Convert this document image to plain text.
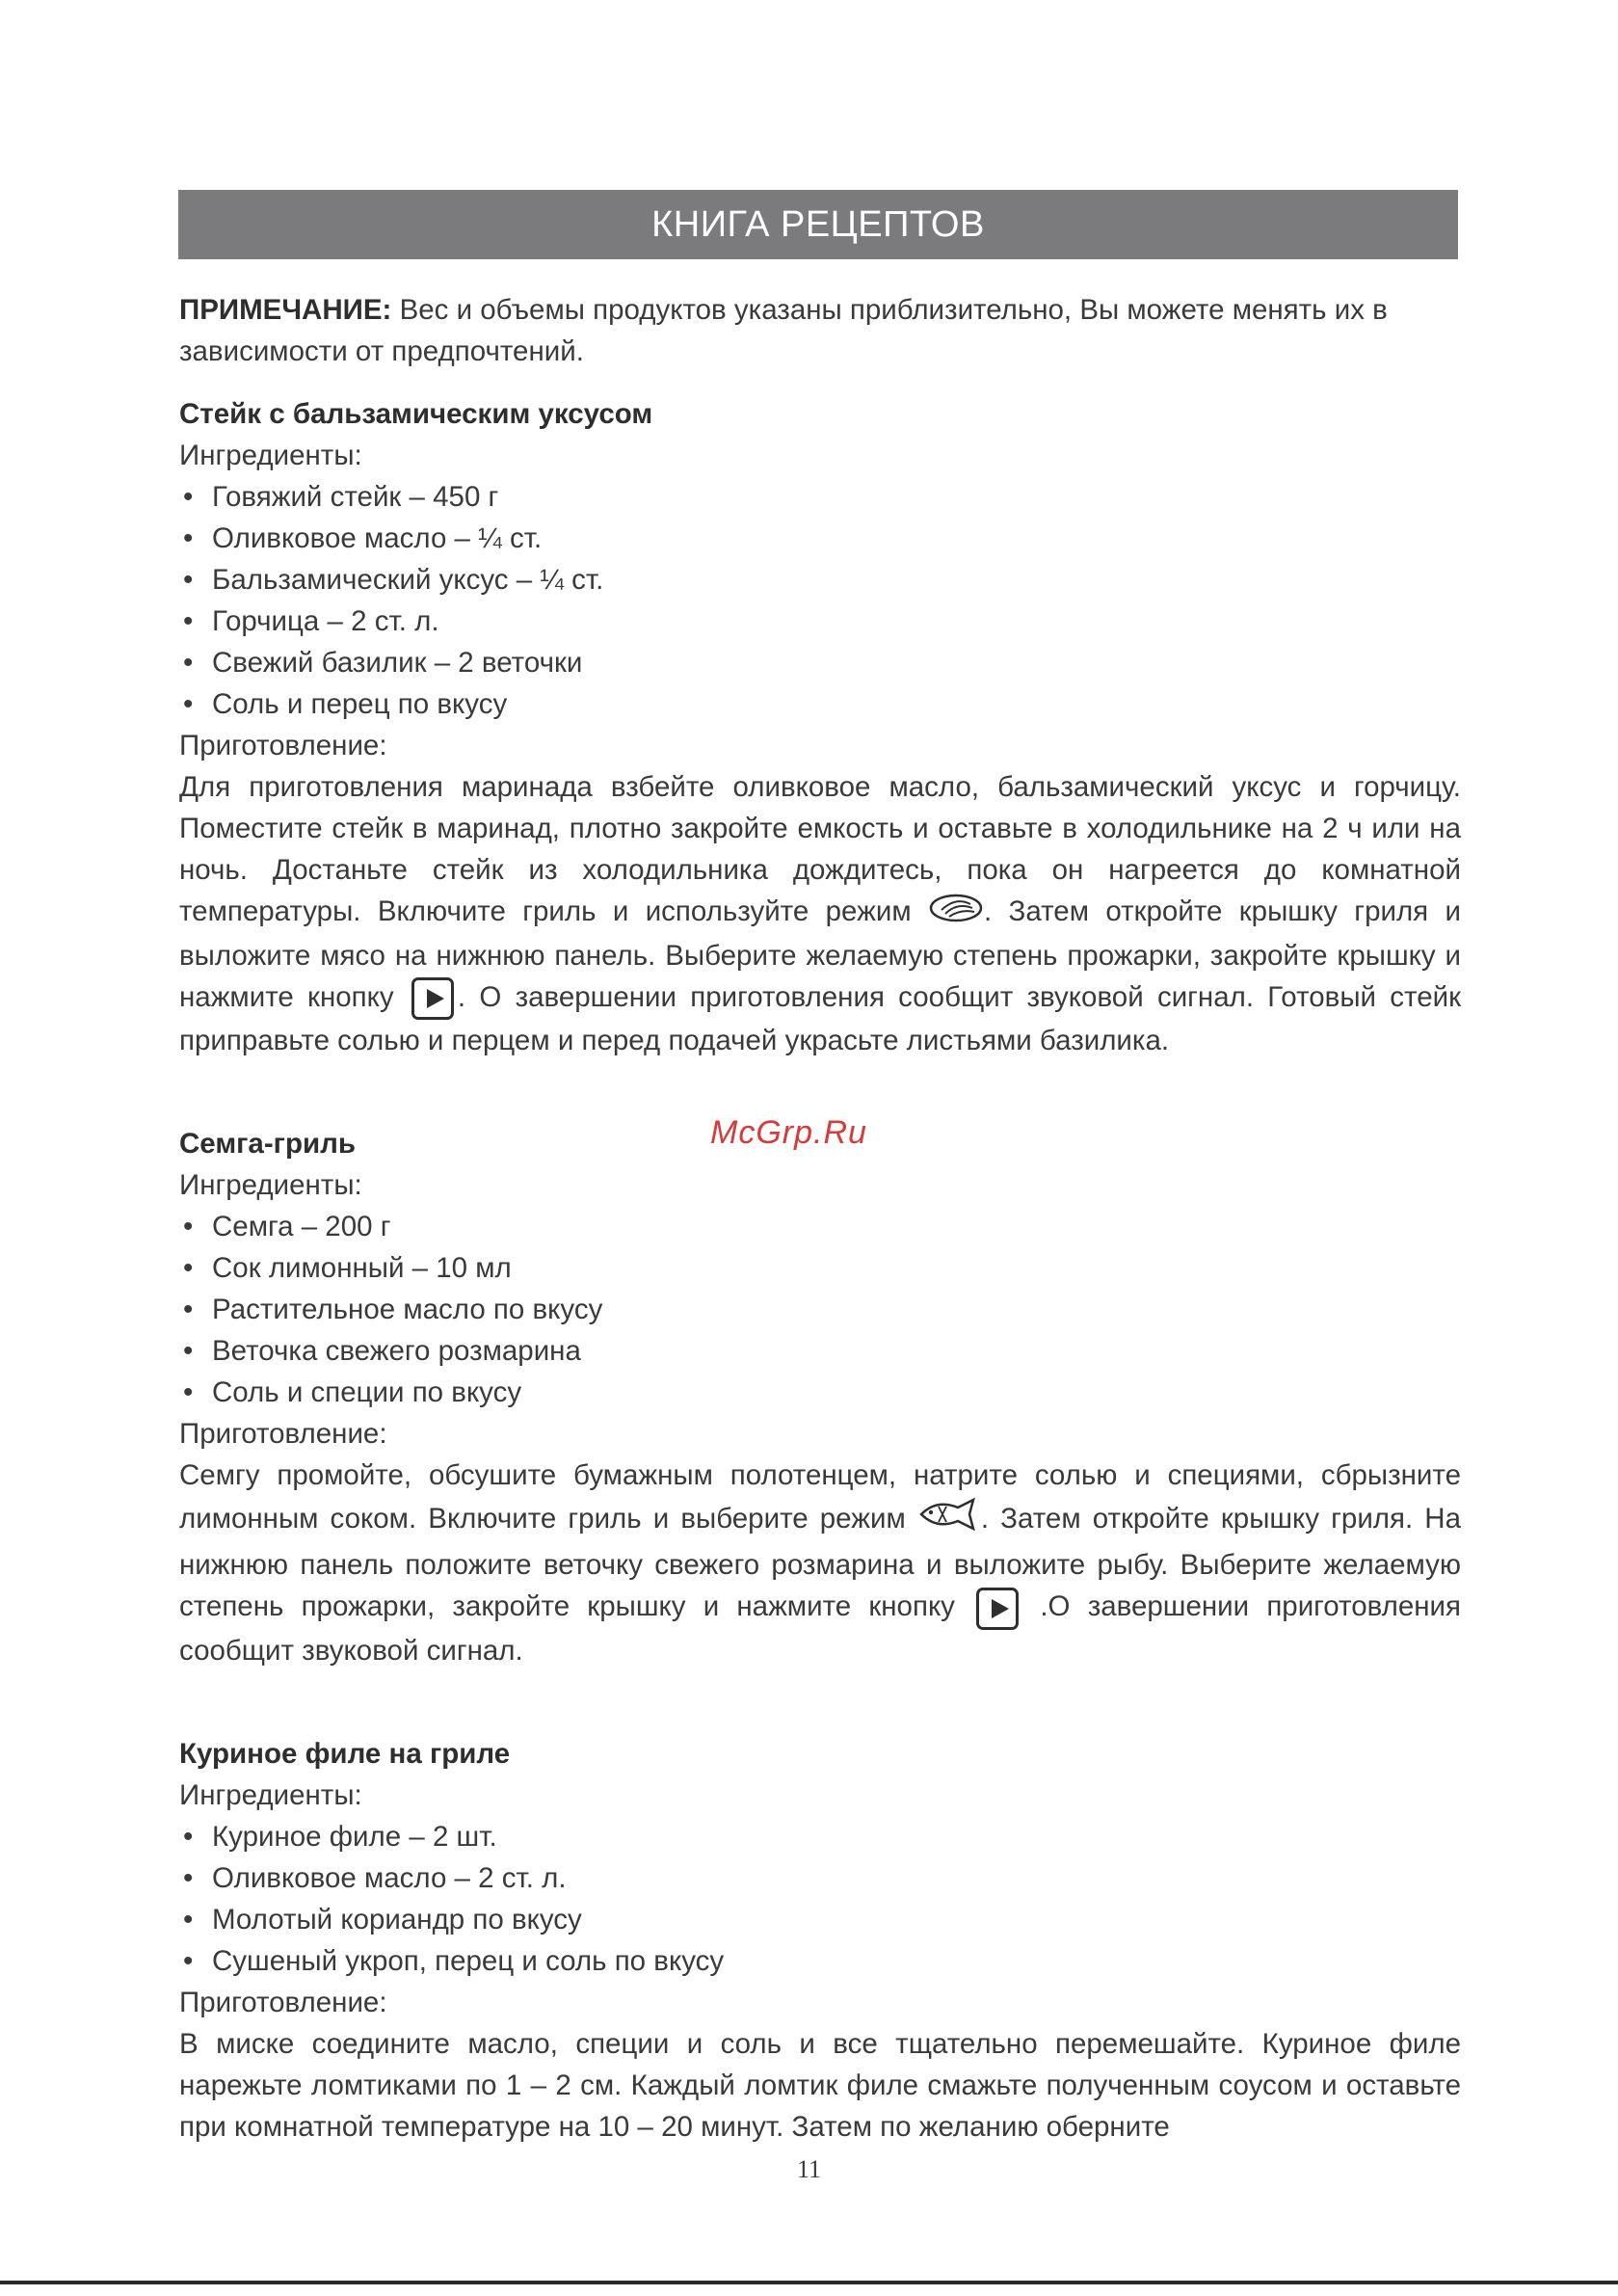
КНИГА РЕЦЕПТОВ

ПРИМЕЧАНИЕ: Вес и объемы продуктов указаны приблизительно, Вы можете менять их в зависимости от предпочтений.

Стейк с бальзамическим уксусом

Ингредиенты:

• Говяжий стейк – 450 г
• Оливковое масло – ¼ ст.
• Бальзамический уксус – ¼ ст.
• Горчица – 2 ст. л.
• Свежий базилик – 2 веточки
• Соль и перец по вкусу

Приготовление:

Для приготовления маринада взбейте оливковое масло, бальзамический уксус и горчицу. Поместите стейк в маринад, плотно закройте емкость и оставьте в холодильнике на 2 ч или на ночь. Достаньте стейк из холодильника дождитесь, пока он нагреется до комнатной температуры. Включите гриль и используйте режим . Затем откройте крышку гриля и выложите мясо на нижнюю панель. Выберите желаемую степень прожарки, закройте крышку и нажмите кнопку . О завершении приготовления сообщит звуковой сигнал. Готовый стейк приправьте солью и перцем и перед подачей украсьте листьями базилика.

Семга-гриль

Ингредиенты:

• Семга – 200 г
• Сок лимонный – 10 мл
• Растительное масло по вкусу
• Веточка свежего розмарина
• Соль и специи по вкусу

Приготовление:

Семгу промойте, обсушите бумажным полотенцем, натрите солью и специями, сбрызните лимонным соком. Включите гриль и выберите режим . Затем откройте крышку гриля. На нижнюю панель положите веточку свежего розмарина и выложите рыбу. Выберите желаемую степень прожарки, закройте крышку и нажмите кнопку  .О завершении приготовления сообщит звуковой сигнал.

Куриное филе на гриле

Ингредиенты:

• Куриное филе – 2 шт.
• Оливковое масло – 2 ст. л.
• Молотый кориандр по вкусу
• Сушеный укроп, перец и соль по вкусу

Приготовление:

В миске соедините масло, специи и соль и все тщательно перемешайте. Куриное филе нарежьте ломтиками по 1 – 2 см. Каждый ломтик филе смажьте полученным соусом и оставьте при комнатной температуре на 10 – 20 минут. Затем по желанию оберните

McGrp.Ru
11
